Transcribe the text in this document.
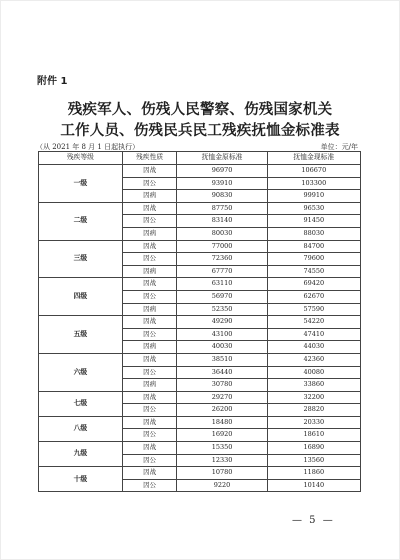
附件 1
残疾军人、伤残人民警察、伤残国家机关
工作人员、伤残民兵民工残疾抚恤金标准表
（从 2021 年 8 月 1 日起执行）	单位：元/年
残疾等级	残疾性质	抚恤金原标准	抚恤金现标准
一级	因战	96970	106670
	因公	93910	103300
	因病	90830	99910
二级	因战	87750	96530
	因公	83140	91450
	因病	80030	88030
三级	因战	77000	84700
	因公	72360	79600
	因病	67770	74550
四级	因战	63110	69420
	因公	56970	62670
	因病	52350	57590
五级	因战	49290	54220
	因公	43100	47410
	因病	40030	44030
六级	因战	38510	42360
	因公	36440	40080
	因病	30780	33860
七级	因战	29270	32200
	因公	26200	28820
八级	因战	18480	20330
	因公	16920	18610
九级	因战	15350	16890
	因公	12330	13560
十级	因战	10780	11860
	因公	9220	10140
— 5 —
